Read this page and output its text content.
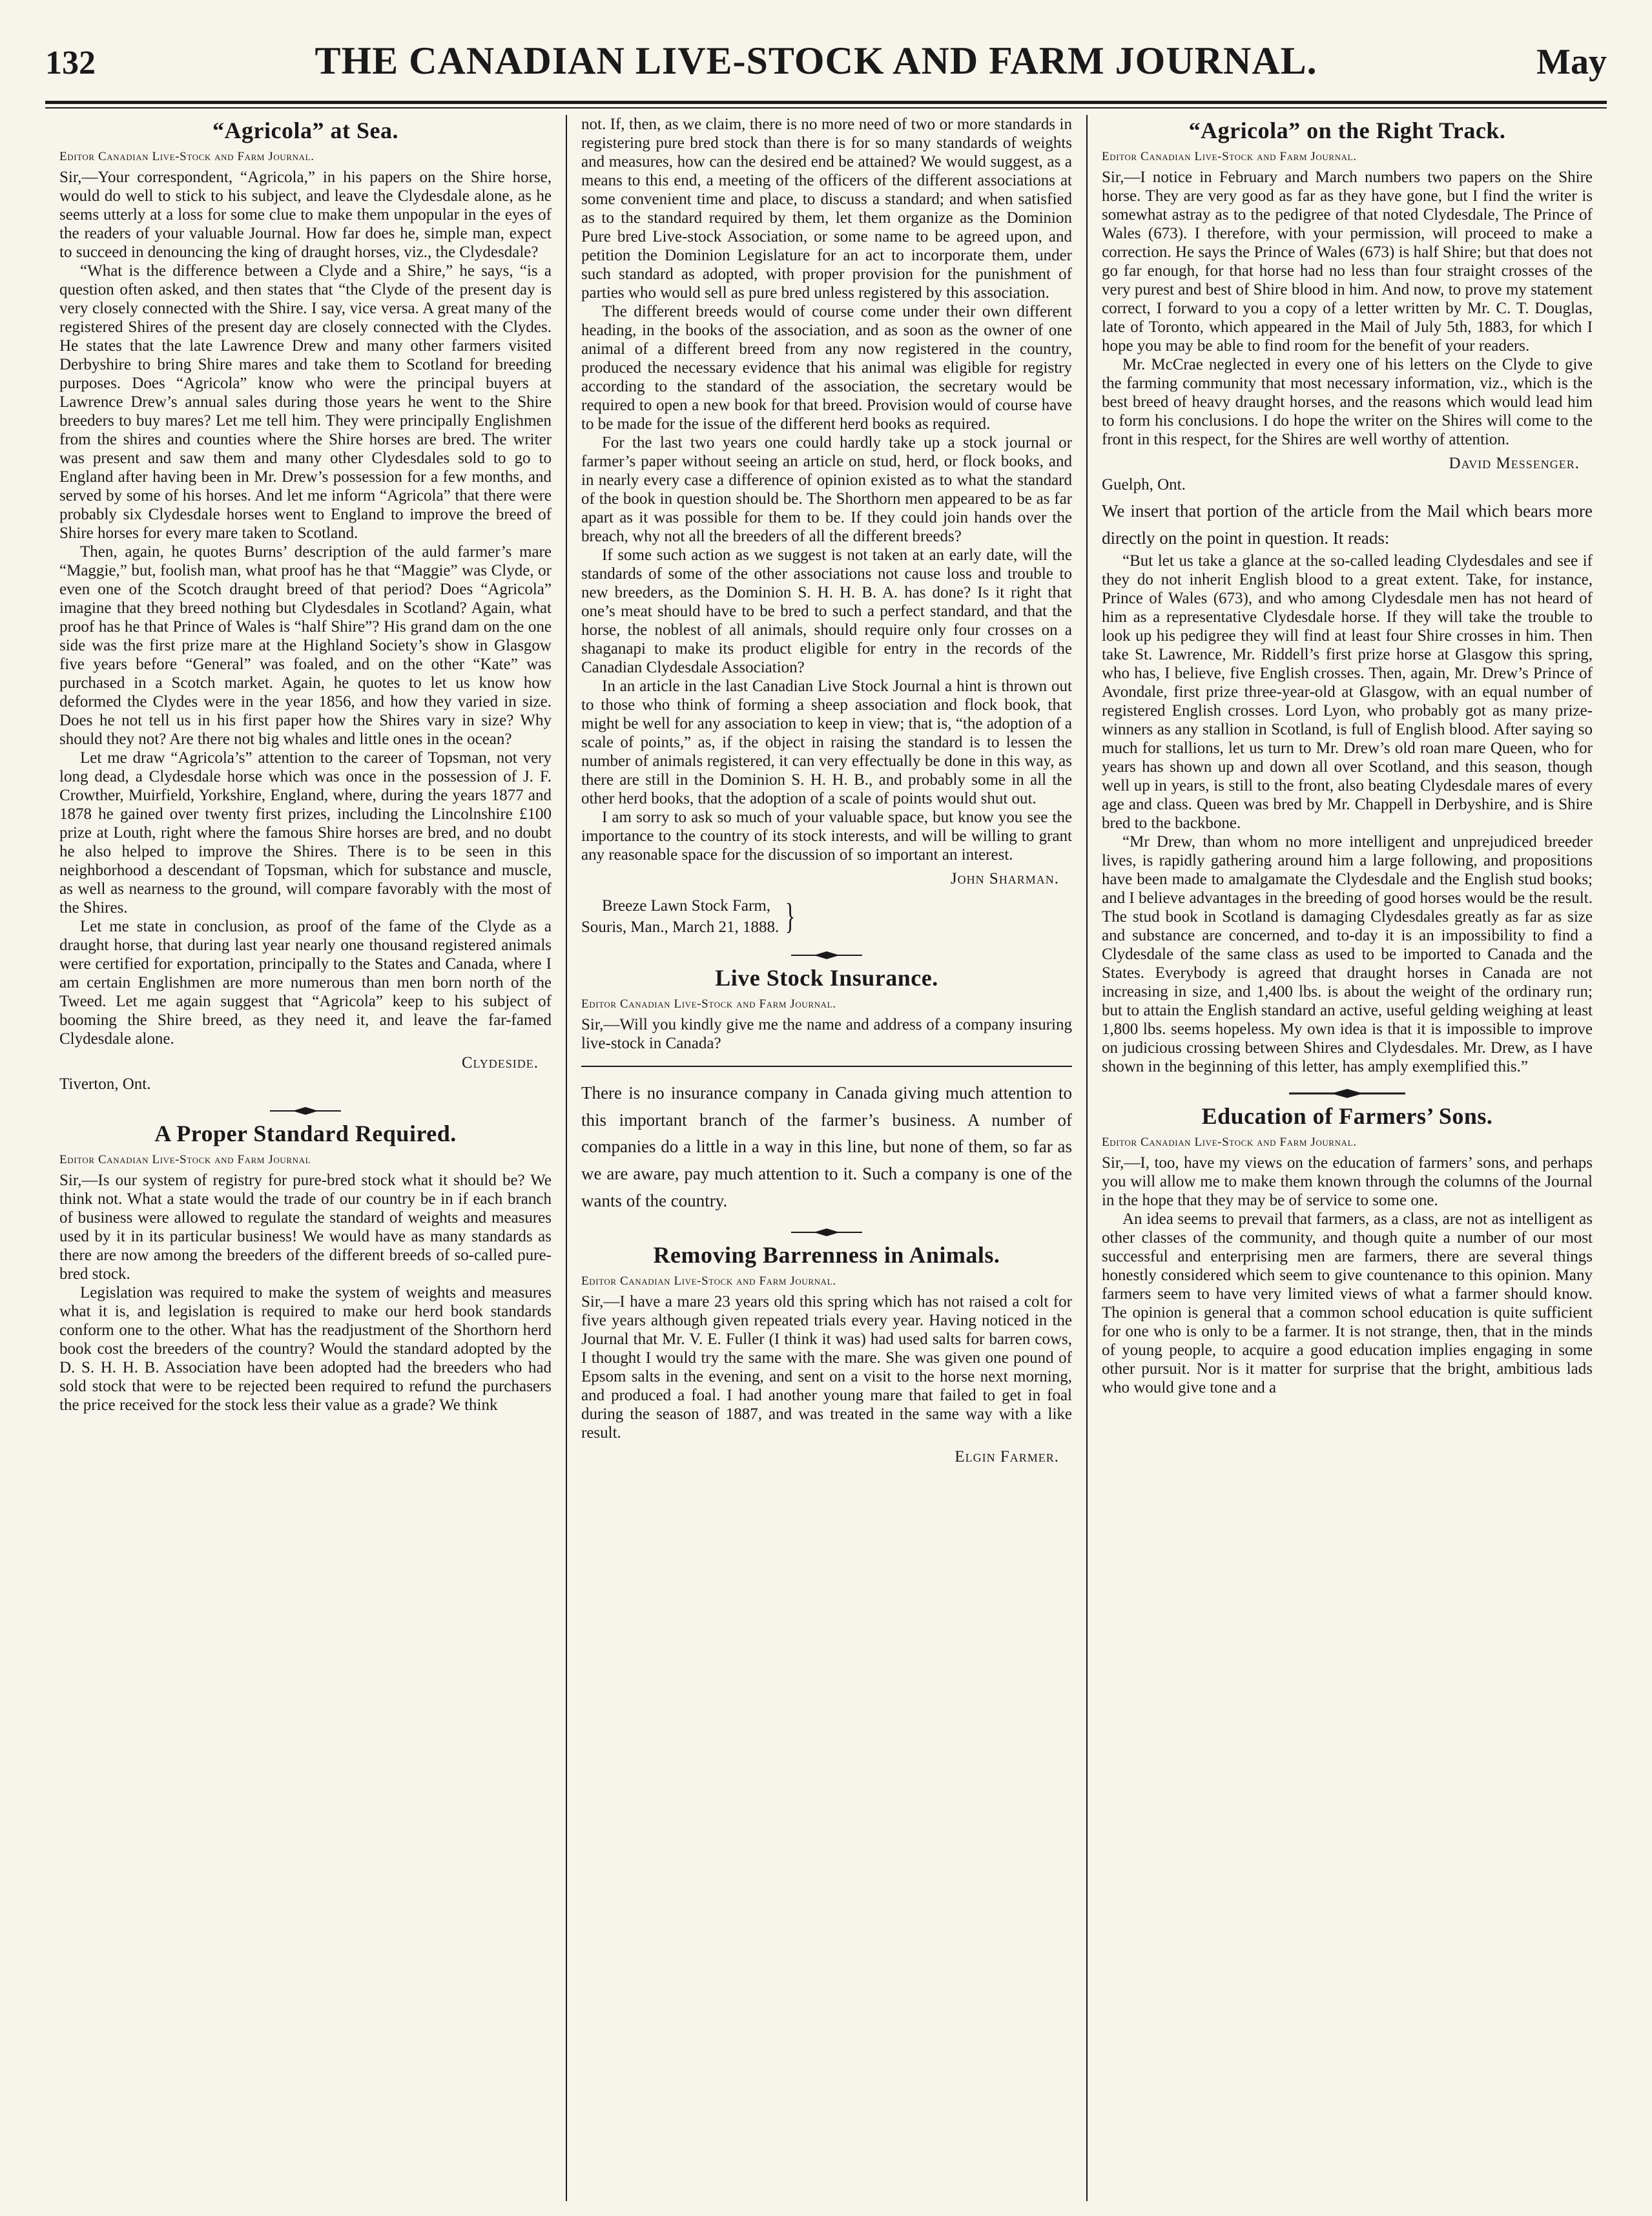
132	THE CANADIAN LIVE-STOCK AND FARM JOURNAL.	May
“Agricola” at Sea.
Editor Canadian Live-Stock and Farm Journal.

Sir,—Your correspondent, “Agricola,” in his papers on the Shire horse, would do well to stick to his subject, and leave the Clydesdale alone, as he seems utterly at a loss for some clue to make them unpopular in the eyes of the readers of your valuable Journal. How far does he, simple man, expect to succeed in denouncing the king of draught horses, viz., the Clydesdale?

“What is the difference between a Clyde and a Shire,” he says, “is a question often asked, and then states that “the Clyde of the present day is very closely connected with the Shire. I say, vice versa. A great many of the registered Shires of the present day are closely connected with the Clydes. He states that the late Lawrence Drew and many other farmers visited Derbyshire to bring Shire mares and take them to Scotland for breeding purposes. Does “Agricola” know who were the principal buyers at Lawrence Drew’s annual sales during those years he went to the Shire breeders to buy mares? Let me tell him. They were principally Englishmen from the shires and counties where the Shire horses are bred. The writer was present and saw them and many other Clydesdales sold to go to England after having been in Mr. Drew’s possession for a few months, and served by some of his horses. And let me inform “Agricola” that there were probably six Clydesdale horses went to England to improve the breed of Shire horses for every mare taken to Scotland.

Then, again, he quotes Burns’ description of the auld farmer’s mare “Maggie,” but, foolish man, what proof has he that “Maggie” was Clyde, or even one of the Scotch draught breed of that period? Does “Agricola” imagine that they breed nothing but Clydesdales in Scotland? Again, what proof has he that Prince of Wales is “half Shire”? His grand dam on the one side was the first prize mare at the Highland Society’s show in Glasgow five years before “General” was foaled, and on the other “Kate” was purchased in a Scotch market. Again, he quotes to let us know how deformed the Clydes were in the year 1856, and how they varied in size. Does he not tell us in his first paper how the Shires vary in size? Why should they not? Are there not big whales and little ones in the ocean?

Let me draw “Agricola’s” attention to the career of Topsman, not very long dead, a Clydesdale horse which was once in the possession of J. F. Crowther, Muirfield, Yorkshire, England, where, during the years 1877 and 1878 he gained over twenty first prizes, including the Lincolnshire £100 prize at Louth, right where the famous Shire horses are bred, and no doubt he also helped to improve the Shires. There is to be seen in this neighborhood a descendant of Topsman, which for substance and muscle, as well as nearness to the ground, will compare favorably with the most of the Shires.

Let me state in conclusion, as proof of the fame of the Clyde as a draught horse, that during last year nearly one thousand registered animals were certified for exportation, principally to the States and Canada, where I am certain Englishmen are more numerous than men born north of the Tweed. Let me again suggest that “Agricola” keep to his subject of booming the Shire breed, as they need it, and leave the far-famed Clydesdale alone.

Clydeside.

Tiverton, Ont.

A Proper Standard Required.
Editor Canadian Live-Stock and Farm Journal

Sir,—Is our system of registry for pure-bred stock what it should be? We think not. What a state would the trade of our country be in if each branch of business were allowed to regulate the standard of weights and measures used by it in its particular business! We would have as many standards as there are now among the breeders of the different breeds of so-called pure-bred stock.

Legislation was required to make the system of weights and measures what it is, and legislation is required to make our herd book standards conform one to the other. What has the readjustment of the Shorthorn herd book cost the breeders of the country? Would the standard adopted by the D. S. H. H. B. Association have been adopted had the breeders who had sold stock that were to be rejected been required to refund the purchasers the price received for the stock less their value as a grade? We think

not. If, then, as we claim, there is no more need of two or more standards in registering pure bred stock than there is for so many standards of weights and measures, how can the desired end be attained? We would suggest, as a means to this end, a meeting of the officers of the different associations at some convenient time and place, to discuss a standard; and when satisfied as to the standard required by them, let them organize as the Dominion Pure bred Live-stock Association, or some name to be agreed upon, and petition the Dominion Legislature for an act to incorporate them, under such standard as adopted, with proper provision for the punishment of parties who would sell as pure bred unless registered by this association.

The different breeds would of course come under their own different heading, in the books of the association, and as soon as the owner of one animal of a different breed from any now registered in the country, produced the necessary evidence that his animal was eligible for registry according to the standard of the association, the secretary would be required to open a new book for that breed. Provision would of course have to be made for the issue of the different herd books as required.

For the last two years one could hardly take up a stock journal or farmer’s paper without seeing an article on stud, herd, or flock books, and in nearly every case a difference of opinion existed as to what the standard of the book in question should be. The Shorthorn men appeared to be as far apart as it was possible for them to be. If they could join hands over the breach, why not all the breeders of all the different breeds?

If some such action as we suggest is not taken at an early date, will the standards of some of the other associations not cause loss and trouble to new breeders, as the Dominion S. H. H. B. A. has done? Is it right that one’s meat should have to be bred to such a perfect standard, and that the horse, the noblest of all animals, should require only four crosses on a shaganapi to make its product eligible for entry in the records of the Canadian Clydesdale Association?

In an article in the last Canadian Live Stock Journal a hint is thrown out to those who think of forming a sheep association and flock book, that might be well for any association to keep in view; that is, “the adoption of a scale of points,” as, if the object in raising the standard is to lessen the number of animals registered, it can very effectually be done in this way, as there are still in the Dominion S. H. H. B., and probably some in all the other herd books, that the adoption of a scale of points would shut out.

I am sorry to ask so much of your valuable space, but know you see the importance to the country of its stock interests, and will be willing to grant any reasonable space for the discussion of so important an interest.

John Sharman.
Breeze Lawn Stock Farm,
Souris, Man., March 21, 1888. }
Live Stock Insurance.
Editor Canadian Live-Stock and Farm Journal.

Sir,—Will you kindly give me the name and address of a company insuring live-stock in Canada?

There is no insurance company in Canada giving much attention to this important branch of the farmer’s business. A number of companies do a little in a way in this line, but none of them, so far as we are aware, pay much attention to it. Such a company is one of the wants of the country.

Removing Barrenness in Animals.
Editor Canadian Live-Stock and Farm Journal.

Sir,—I have a mare 23 years old this spring which has not raised a colt for five years although given repeated trials every year. Having noticed in the Journal that Mr. V. E. Fuller (I think it was) had used salts for barren cows, I thought I would try the same with the mare. She was given one pound of Epsom salts in the evening, and sent on a visit to the horse next morning, and produced a foal. I had another young mare that failed to get in foal during the season of 1887, and was treated in the same way with a like result.

Elgin Farmer.
“Agricola” on the Right Track.
Editor Canadian Live-Stock and Farm Journal.

Sir,—I notice in February and March numbers two papers on the Shire horse. They are very good as far as they have gone, but I find the writer is somewhat astray as to the pedigree of that noted Clydesdale, The Prince of Wales (673). I therefore, with your permission, will proceed to make a correction. He says the Prince of Wales (673) is half Shire; but that does not go far enough, for that horse had no less than four straight crosses of the very purest and best of Shire blood in him. And now, to prove my statement correct, I forward to you a copy of a letter written by Mr. C. T. Douglas, late of Toronto, which appeared in the Mail of July 5th, 1883, for which I hope you may be able to find room for the benefit of your readers.

Mr. McCrae neglected in every one of his letters on the Clyde to give the farming community that most necessary information, viz., which is the best breed of heavy draught horses, and the reasons which would lead him to form his conclusions. I do hope the writer on the Shires will come to the front in this respect, for the Shires are well worthy of attention.

David Messenger.

Guelph, Ont.

We insert that portion of the article from the Mail which bears more directly on the point in question. It reads:

“But let us take a glance at the so-called leading Clydesdales and see if they do not inherit English blood to a great extent. Take, for instance, Prince of Wales (673), and who among Clydesdale men has not heard of him as a representative Clydesdale horse. If they will take the trouble to look up his pedigree they will find at least four Shire crosses in him. Then take St. Lawrence, Mr. Riddell’s first prize horse at Glasgow this spring, who has, I believe, five English crosses. Then, again, Mr. Drew’s Prince of Avondale, first prize three-year-old at Glasgow, with an equal number of registered English crosses. Lord Lyon, who probably got as many prize-winners as any stallion in Scotland, is full of English blood. After saying so much for stallions, let us turn to Mr. Drew’s old roan mare Queen, who for years has shown up and down all over Scotland, and this season, though well up in years, is still to the front, also beating Clydesdale mares of every age and class. Queen was bred by Mr. Chappell in Derbyshire, and is Shire bred to the backbone.

“Mr Drew, than whom no more intelligent and unprejudiced breeder lives, is rapidly gathering around him a large following, and propositions have been made to amalgamate the Clydesdale and the English stud books; and I believe advantages in the breeding of good horses would be the result. The stud book in Scotland is damaging Clydesdales greatly as far as size and substance are concerned, and to-day it is an impossibility to find a Clydesdale of the same class as used to be imported to Canada and the States. Everybody is agreed that draught horses in Canada are not increasing in size, and 1,400 lbs. is about the weight of the ordinary run; but to attain the English standard an active, useful gelding weighing at least 1,800 lbs. seems hopeless. My own idea is that it is impossible to improve on judicious crossing between Shires and Clydesdales. Mr. Drew, as I have shown in the beginning of this letter, has amply exemplified this.”

Education of Farmers’ Sons.
Editor Canadian Live-Stock and Farm Journal.

Sir,—I, too, have my views on the education of farmers’ sons, and perhaps you will allow me to make them known through the columns of the Journal in the hope that they may be of service to some one.

An idea seems to prevail that farmers, as a class, are not as intelligent as other classes of the community, and though quite a number of our most successful and enterprising men are farmers, there are several things honestly considered which seem to give countenance to this opinion. Many farmers seem to have very limited views of what a farmer should know. The opinion is general that a common school education is quite sufficient for one who is only to be a farmer. It is not strange, then, that in the minds of young people, to acquire a good education implies engaging in some other pursuit. Nor is it matter for surprise that the bright, ambitious lads who would give tone and a
